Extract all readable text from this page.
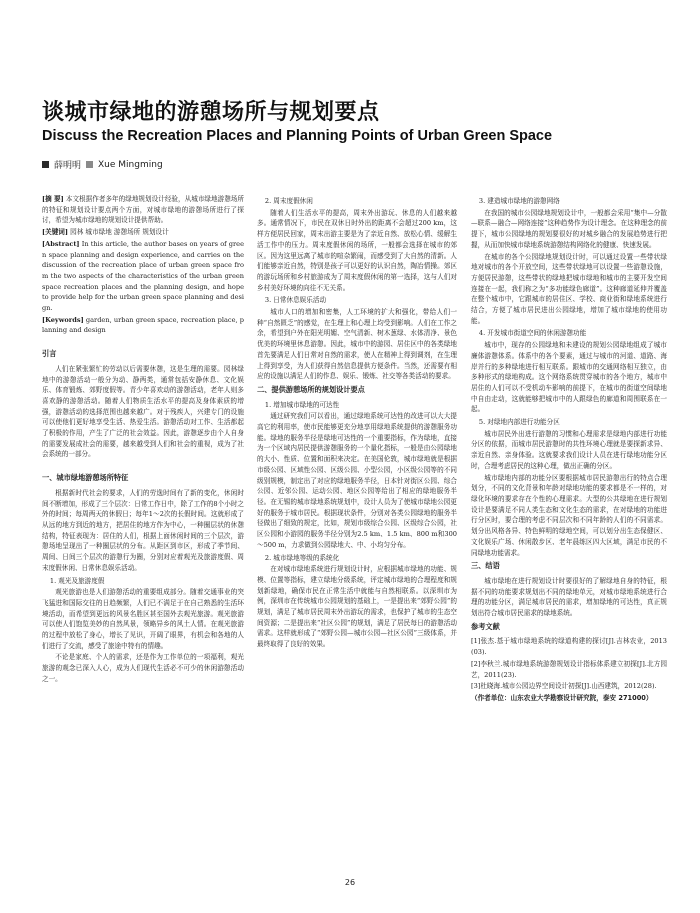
谈城市绿地的游憩场所与规划要点
Discuss the Recreation Places and Planning Points of Urban Green Space
薛明明 Xue Mingming

[摘 要] 本文根据作者多年的绿地规划设计经验，从城市绿地游憩场所的特征和规划设计要点两个方面，对城市绿地的游憩场所进行了探讨，希望为城市绿地的规划设计提供帮助。

[关键词] 园林 城市绿地 游憩场所 规划设计

[Abstract] In this article, the author bases on years of green space planning and design experience, and carries on the discussion of the recreation place of urban green space from the two aspects of the characteristics of the urban green space recreation places and the planning design, and hope to provide help for the urban green space planning and design.

[Keywords] garden, urban green space, recreation place, planning and design

引言

人们在紧张繁忙的劳动以后需要休憩，这是生理的需要。园林绿地中的游憩活动一般分为动、静两类，通常包括安静休息、文化娱乐、体育锻炼、郊野度假等。青少年喜欢动的游憩活动，老年人则多喜欢静的游憩活动。随着人们物质生活水平的提高及身体素质的增强，游憩活动的选择范围也越来越广。对于残疾人，兴建专门的设施可以使他们更好地享受生活、热爱生活。游憩活动对工作、生活都起了积极的作用，产生了广泛的社会效益。因此，游憩逐步由个人自身的需要发展成社会的需要，越来越受到人们和社会的重视，成为了社会系统的一部分。

一、城市绿地游憩场所特征

根据新时代社会的要求，人们的劳逸时间有了新的变化，休闲时间不断增加，形成了三个层次：日常工作日中，除了工作的8个小时之外的时间；每周两天的休假日；每年1～2次的长假时间。这就形成了从远的地方到近的地方，把居住的地方作为中心，一种圈层状的休憩结构，特征表现为：居住的人们，根据上面休闲时间的三个层次，游憩场地呈现出了一种圈层状的分布。从距区到市区，形成了季节间、周间、日间三个层次的游憩行为圈，分别对应着观光及旅游度假、周末度假休闲、日常休息娱乐活动。

1. 观光及旅游度假

观光旅游也是人们游憩活动的重要组成部分。随着交通事业的突飞猛进和国际交往的日趋频繁，人们已不满足于在自己熟悉的生活环境活动，而希望到更远的风景名胜区甚至国外去观光旅游。观光旅游可以使人们饱览美妙的自然风景，领略异乡的风土人情。在观光旅游的过程中放松了身心，增长了见识，开阔了眼界，有机会和各地的人们进行了交流，感受了旅途中特有的情趣。

不论是家庭、个人的需求，还是作为工作单位的一项福利，观光旅游的观念已深入人心，成为人们现代生活必不可少的休闲游憩活动之一。

2. 周末度假休闲

随着人们生活水平的提高，周末外出游玩、休息的人们越来越多。通常情况下，市民在双休日时外出的距离不会超过200 km，这样方便居民回家，周末出游主要是为了亲近自然、放松心情、缓解生活工作中的压力。周末度假休闲的场所，一般都会选择在城市的郊区。因为这里远离了城市的喧杂繁闹，而感受到了大自然的清新。人们能够亲近自然，特别是孩子可以更好的认识自然，陶冶情操。郊区的游玩场所和乡村旅游成为了周末度假休闲的第一选择，这与人们对乡村美好环境的向往不无关系。

3. 日常休息娱乐活动

城市人口的增加和密集，人工环境的扩大和强化，带给人们一种“自然匮乏”的感觉，在生理上和心理上均受到影响。人们在工作之余，希望到户外在阳光明媚、空气清新、树木葱绿、水体清净、景色优美的环境里休息游憩。因此，城市中的游园、居住区中的各类绿地首先要满足人们日常对自然的需求，使人在精神上得到调剂，在生理上得到享受，为人们获得自然信息提供方便条件。当然，还需要有相应的设施以满足人们的作息、娱乐、锻炼、社交等各类活动的要求。

二、提供游憩场所的规划设计要点
1. 增加城市绿地的可达性

通过研究我们可以看出，通过绿地系统可达性的改进可以大大提高它的利用率，使市民能够更充分地享用绿地系统提供的游憩服务功能。绿地的服务半径是绿地可达性的一个重要指标，作为绿地，直接为一个区域内居民提供游憩服务的一个量化指标，一般是由公园绿地的大小、性质、位置和面积来决定。在美国伦敦，城市绿地就是根据市级公园、区域性公园、区级公园、小型公园，小区级公园等的不同级别规模，制定出了对应的绿地服务半径，日本针对街区公园、综合公园、近邻公园、运动公园、地区公园等给出了相应的绿地服务半径。在无锡的城市绿地系统规划中，设计人员为了使城市绿地公园更好的服务于城市居民。根据现状条件，分别对各类公园绿地的服务半径做出了细致的规定，比如，规划市级综合公园、区级综合公园，社区公园和小游园的服务半径分别为2.5 km、1.5 km、800 m和300～500 m，力求做到公园绿地大、中、小均匀分布。

2. 城市绿地等级的系统化

在对城市绿地系统进行规划设计时，应根据城市绿地的功能、规模、位置等指标，建立绿地分级系统，评定城市绿地的合理程度和规划新绿地，确保市民在正常生活中就能与自然相联系。以深圳市为例，深圳市在传统城市公园规划的基础上，一是提出来“郊野公园”的规划，满足了城市居民周末外出游玩的需求，也保护了城市的生态空间资源；二是提出来“社区公园”的规划，满足了居民每日的游憩活动需求。这样就形成了“郊野公园—城市公园—社区公园”三级体系，并最终取得了良好的效果。

3. 建造城市绿地的游憩网络

在我国的城市公园绿地规划设计中，一般都会采用“集中—分散—联系—融合—网络连接”这种趋势作为设计理念。在这种理念的前提下，城市公园绿地的规划要很好的对城乡融合的发展趋势进行把握，从而加快城市绿地系统游憩结构网络化的健康、快速发展。

在城市的各个公园绿地规划设计时，可以通过设置一些带状绿地对城市的各个开放空间，这些带状绿地可以设置一些游憩设施，方便居民游憩，这些带状的绿地把城市绿地和城市的主要开发空间连接在一起，我们称之为“多功能绿色廊道”。这种廊道延伸并覆盖在整个城市中，它跟城市的居住区、学校、商业街和绿地系统进行结合，方便了城市居民进出公园绿地，增加了城市绿地的使用功能。

4. 开发城市街道空间的休闲游憩功能

城市中，现存的公园绿地和未建设的规划公园绿地组成了城市廉体游憩体系。体系中的各个要素，通过与城市的河道、道路、海岸并行的多种绿地进行相互联系。跟城市的交通网络相互独立，由多种形式的绿地构成。这个网络系统贯穿城市的各个地方，城市中居住的人们可以不受机动车影响的前提下，在城市的街道空间绿地中自由走动，这就能够把城市中的人跟绿色的廊道和周围联系在一起。

5. 对绿地内部进行功能分区

城市居民外出进行游憩的习惯和心理需求是绿地内部进行功能分区的依据，而城市居民游憩时的共性环境心理就是要探新求异、亲近自然、亲身体验。这就要求我们设计人员在进行绿地功能分区时，合理考虑居民的这种心理，做出正确的分区。

城市绿地内部的功能分区要根据城市居民游憩出行的特点合理划分，不同的文化背景和年龄对绿地功能的要求都是不一样的，对绿化环境的要求存在个性的心理需求。大型的公共绿地在进行规划设计是要满足不同人类生态和文化生态的需求，在对绿地的功能进行分区时，要合理的考虑不同层次和不同年龄的人们的不同需求。划分出风格各异、特色鲜明的绿地空间，可以划分出生态保健区、文化娱乐广场、休闲散步区、老年晨练区四大区域，满足市民的不同绿地功能需求。

三、结语

城市绿地在进行规划设计时要很好的了解绿地自身的特征，根据不同的功能要求规划出不同的绿地单元，对城市绿地系统进行合理的功能分区，满足城市居民的需求，增加绿地的可达性，真正规划出符合城市居民需求的绿地系统。

参考文献

[1]张杰.基于城市绿地系统的绿道构建的探讨[J].吉林农业，2013(03).

[2]李秋兰.城市绿地系统游憩规划设计指标体系建立初探[J].北方园艺，2011(23).

[3]杜晓海.城市公园边界空间设计初探[J].山西建筑，2012(28).

（作者单位：山东农业大学勘察设计研究院，泰安 271000）

26
